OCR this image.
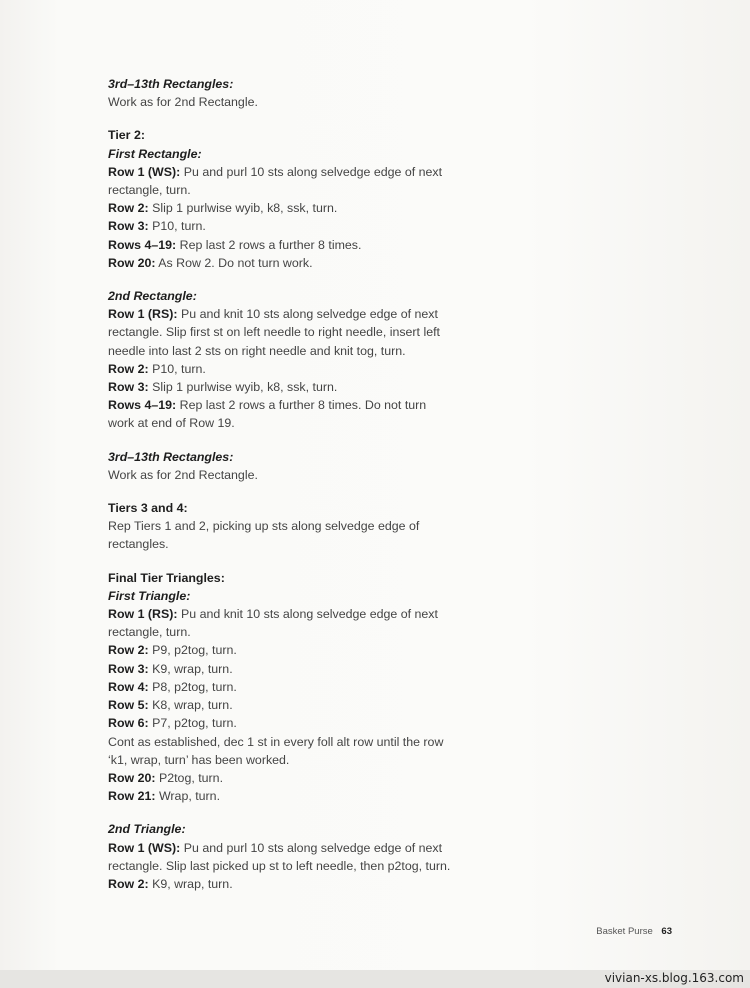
3rd–13th Rectangles:

Work as for 2nd Rectangle.

Tier 2:

First Rectangle:

Row 1 (WS): Pu and purl 10 sts along selvedge edge of next

rectangle, turn.

Row 2: Slip 1 purlwise wyib, k8, ssk, turn.

Row 3: P10, turn.

Rows 4–19: Rep last 2 rows a further 8 times.

Row 20: As Row 2. Do not turn work.

2nd Rectangle:

Row 1 (RS): Pu and knit 10 sts along selvedge edge of next

rectangle. Slip first st on left needle to right needle, insert left

needle into last 2 sts on right needle and knit tog, turn.

Row 2: P10, turn.

Row 3: Slip 1 purlwise wyib, k8, ssk, turn.

Rows 4–19: Rep last 2 rows a further 8 times. Do not turn

work at end of Row 19.

3rd–13th Rectangles:

Work as for 2nd Rectangle.

Tiers 3 and 4:

Rep Tiers 1 and 2, picking up sts along selvedge edge of

rectangles.

Final Tier Triangles:

First Triangle:

Row 1 (RS): Pu and knit 10 sts along selvedge edge of next

rectangle, turn.

Row 2: P9, p2tog, turn.

Row 3: K9, wrap, turn.

Row 4: P8, p2tog, turn.

Row 5: K8, wrap, turn.

Row 6: P7, p2tog, turn.

Cont as established, dec 1 st in every foll alt row until the row

‘k1, wrap, turn’ has been worked.

Row 20: P2tog, turn.

Row 21: Wrap, turn.

2nd Triangle:

Row 1 (WS): Pu and purl 10 sts along selvedge edge of next

rectangle. Slip last picked up st to left needle, then p2tog, turn.

Row 2: K9, wrap, turn.

Basket Purse 63
vivian-xs.blog.163.com
